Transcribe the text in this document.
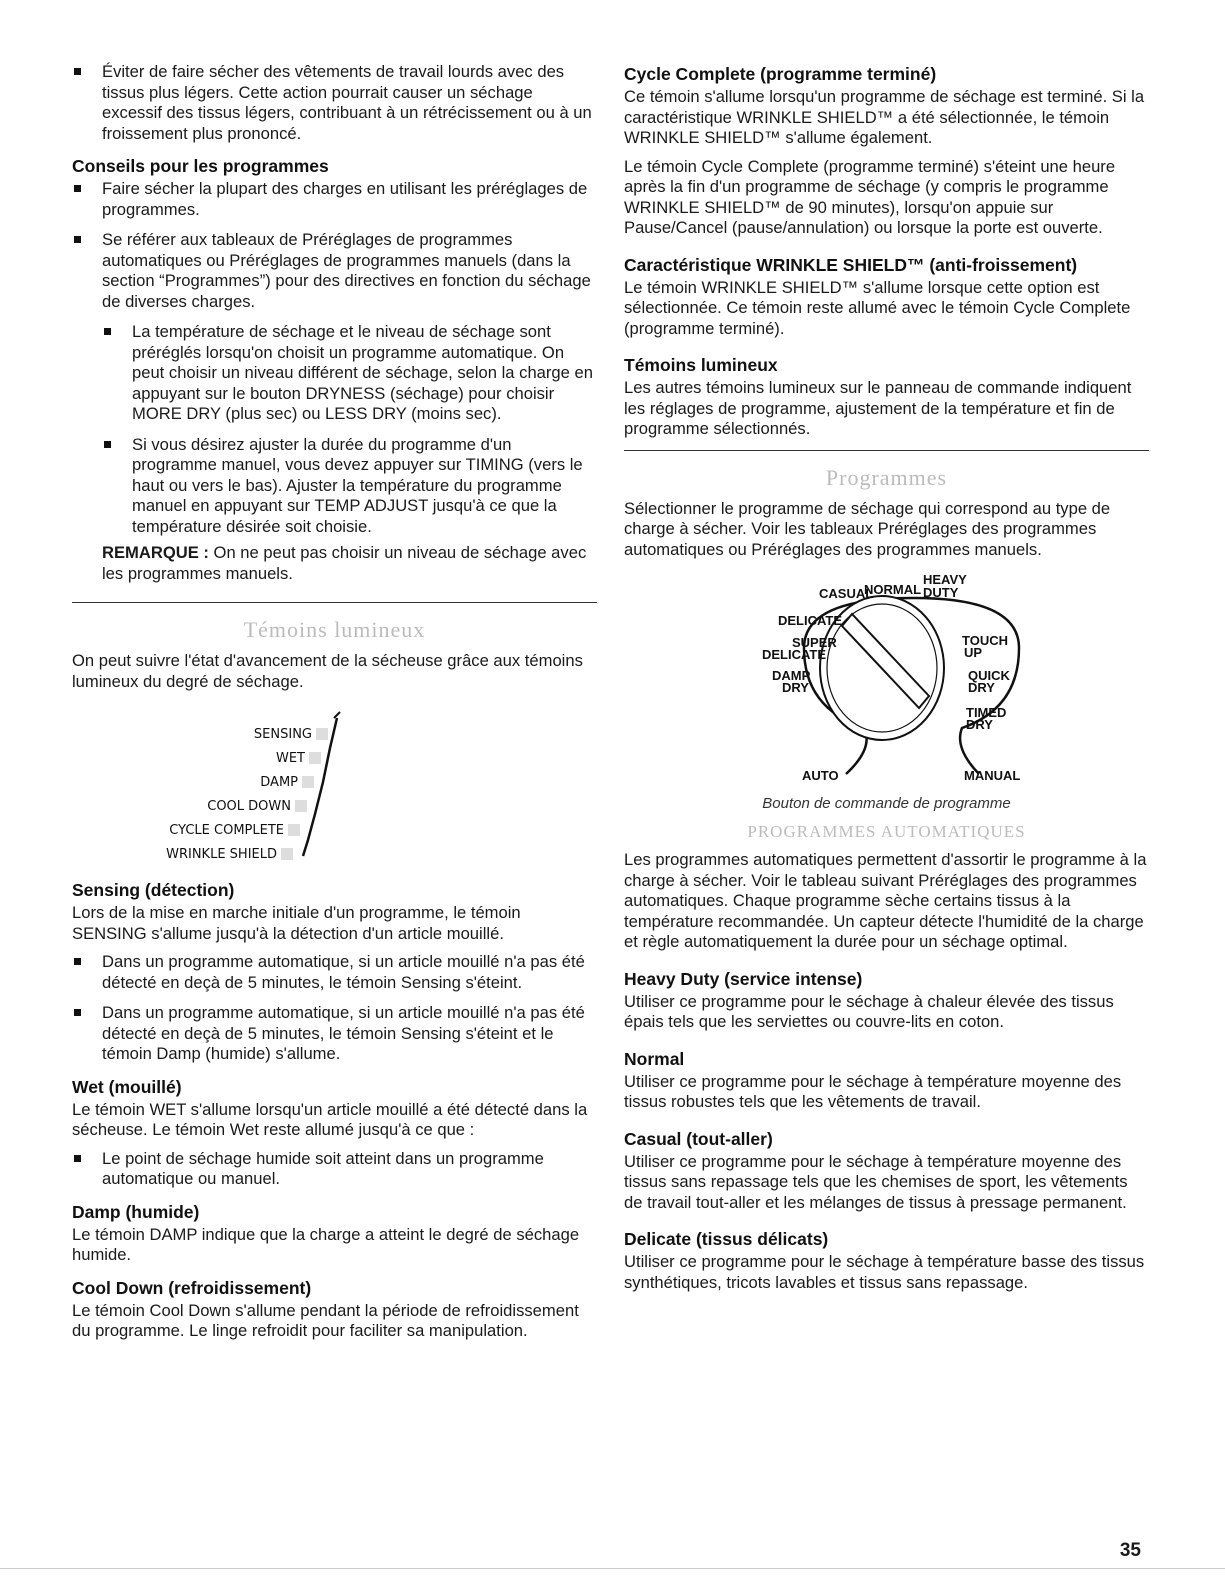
Éviter de faire sécher des vêtements de travail lourds avec des tissus plus légers. Cette action pourrait causer un séchage excessif des tissus légers, contribuant à un rétrécissement ou à un froissement plus prononcé.
Conseils pour les programmes
Faire sécher la plupart des charges en utilisant les préréglages de programmes.
Se référer aux tableaux de Préréglages de programmes automatiques ou Préréglages de programmes manuels (dans la section “Programmes”) pour des directives en fonction du séchage de diverses charges.
La température de séchage et le niveau de séchage sont préréglés lorsqu'on choisit un programme automatique. On peut choisir un niveau différent de séchage, selon la charge en appuyant sur le bouton DRYNESS (séchage) pour choisir MORE DRY (plus sec) ou LESS DRY (moins sec).
Si vous désirez ajuster la durée du programme d'un programme manuel, vous devez appuyer sur TIMING (vers le haut ou vers le bas). Ajuster la température du programme manuel en appuyant sur TEMP ADJUST jusqu'à ce que la température désirée soit choisie.

REMARQUE : On ne peut pas choisir un niveau de séchage avec les programmes manuels.

Témoins lumineux

On peut suivre l'état d'avancement de la sécheuse grâce aux témoins lumineux du degré de séchage.

SENSING
WET
DAMP
COOL DOWN
CYCLE COMPLETE
WRINKLE SHIELD
Sensing (détection)

Lors de la mise en marche initiale d'un programme, le témoin SENSING s'allume jusqu'à la détection d'un article mouillé.

Dans un programme automatique, si un article mouillé n'a pas été détecté en deçà de 5 minutes, le témoin Sensing s'éteint.
Dans un programme automatique, si un article mouillé n'a pas été détecté en deçà de 5 minutes, le témoin Sensing s'éteint et le témoin Damp (humide) s'allume.
Wet (mouillé)

Le témoin WET s'allume lorsqu'un article mouillé a été détecté dans la sécheuse. Le témoin Wet reste allumé jusqu'à ce que :

Le point de séchage humide soit atteint dans un programme automatique ou manuel.
Damp (humide)

Le témoin DAMP indique que la charge a atteint le degré de séchage humide.

Cool Down (refroidissement)

Le témoin Cool Down s'allume pendant la période de refroidissement du programme. Le linge refroidit pour faciliter sa manipulation.

Cycle Complete (programme terminé)

Ce témoin s'allume lorsqu'un programme de séchage est terminé. Si la caractéristique WRINKLE SHIELD™ a été sélectionnée, le témoin WRINKLE SHIELD™ s'allume également.

Le témoin Cycle Complete (programme terminé) s'éteint une heure après la fin d'un programme de séchage (y compris le programme WRINKLE SHIELD™ de 90 minutes), lorsqu'on appuie sur Pause/Cancel (pause/annulation) ou lorsque la porte est ouverte.

Caractéristique WRINKLE SHIELD™ (anti-froissement)

Le témoin WRINKLE SHIELD™ s'allume lorsque cette option est sélectionnée. Ce témoin reste allumé avec le témoin Cycle Complete (programme terminé).

Témoins lumineux

Les autres témoins lumineux sur le panneau de commande indiquent les réglages de programme, ajustement de la température et fin de programme sélectionnés.

Programmes

Sélectionner le programme de séchage qui correspond au type de charge à sécher. Voir les tableaux Préréglages des programmes automatiques ou Préréglages des programmes manuels.

CASUAL
NORMAL
HEAVY
DUTY
DELICATE
SUPER
DELICATE
DAMP
DRY
TOUCH
UP
QUICK
DRY
TIMED
DRY
AUTO	MANUAL
Bouton de commande de programme
PROGRAMMES AUTOMATIQUES

Les programmes automatiques permettent d'assortir le programme à la charge à sécher. Voir le tableau suivant Préréglages des programmes automatiques. Chaque programme sèche certains tissus à la température recommandée. Un capteur détecte l'humidité de la charge et règle automatiquement la durée pour un séchage optimal.

Heavy Duty (service intense)

Utiliser ce programme pour le séchage à chaleur élevée des tissus épais tels que les serviettes ou couvre-lits en coton.

Normal

Utiliser ce programme pour le séchage à température moyenne des tissus robustes tels que les vêtements de travail.

Casual (tout-aller)

Utiliser ce programme pour le séchage à température moyenne des tissus sans repassage tels que les chemises de sport, les vêtements de travail tout-aller et les mélanges de tissus à pressage permanent.

Delicate (tissus délicats)

Utiliser ce programme pour le séchage à température basse des tissus synthétiques, tricots lavables et tissus sans repassage.

35
